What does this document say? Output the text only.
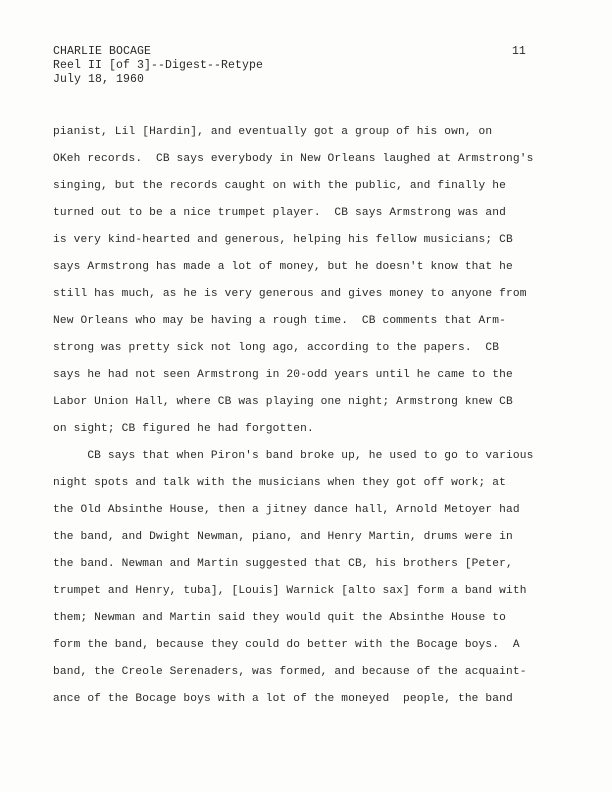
CHARLIE BOCAGE
Reel II [of 3]--Digest--Retype
July 18, 1960
11
pianist, Lil [Hardin], and eventually got a group of his own, on
OKeh records.  CB says everybody in New Orleans laughed at Armstrong's
singing, but the records caught on with the public, and finally he
turned out to be a nice trumpet player.  CB says Armstrong was and
is very kind-hearted and generous, helping his fellow musicians; CB
says Armstrong has made a lot of money, but he doesn't know that he
still has much, as he is very generous and gives money to anyone from
New Orleans who may be having a rough time.  CB comments that Arm-
strong was pretty sick not long ago, according to the papers.  CB
says he had not seen Armstrong in 20-odd years until he came to the
Labor Union Hall, where CB was playing one night; Armstrong knew CB
on sight; CB figured he had forgotten.
CB says that when Piron's band broke up, he used to go to various
night spots and talk with the musicians when they got off work; at
the Old Absinthe House, then a jitney dance hall, Arnold Metoyer had
the band, and Dwight Newman, piano, and Henry Martin, drums were in
the band. Newman and Martin suggested that CB, his brothers [Peter,
trumpet and Henry, tuba], [Louis] Warnick [alto sax] form a band with
them; Newman and Martin said they would quit the Absinthe House to
form the band, because they could do better with the Bocage boys.  A
band, the Creole Serenaders, was formed, and because of the acquaint-
ance of the Bocage boys with a lot of the moneyed  people, the band
